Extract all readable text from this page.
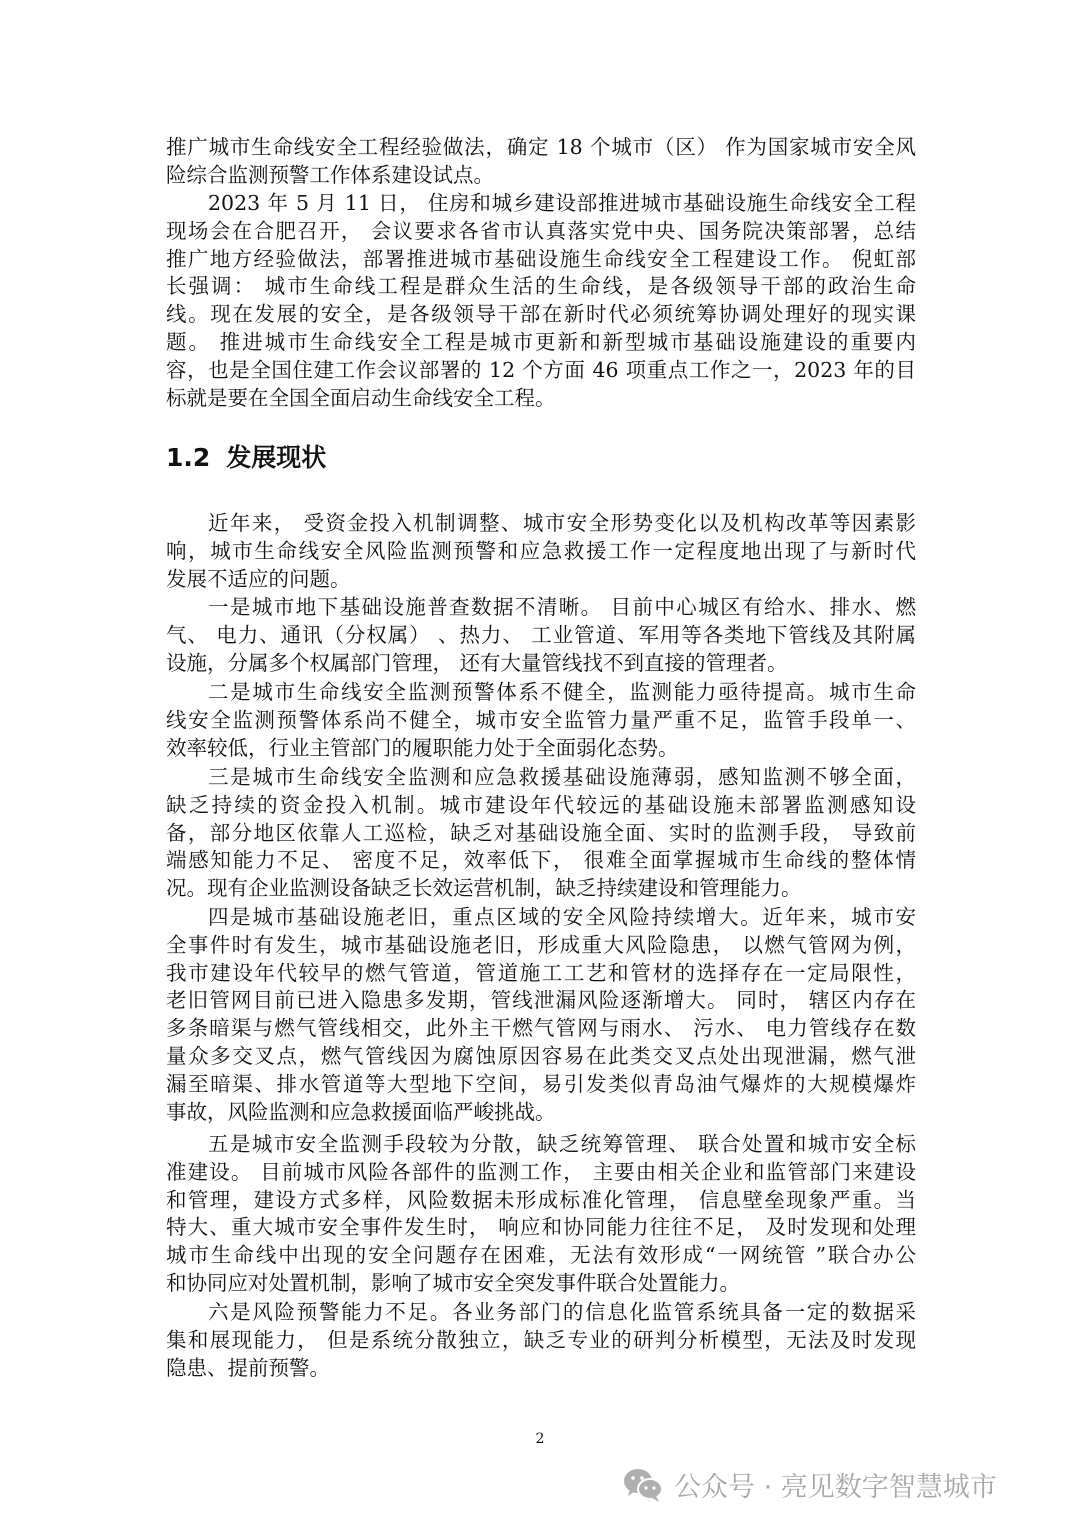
推广城市生命线安全工程经验做法，确定 18 个城市（区） 作为国家城市安全风
险综合监测预警工作体系建设试点。
2023 年 5 月 11 日， 住房和城乡建设部推进城市基础设施生命线安全工程
现场会在合肥召开， 会议要求各省市认真落实党中央、国务院决策部署，总结
推广地方经验做法，部署推进城市基础设施生命线安全工程建设工作。 倪虹部
长强调： 城市生命线工程是群众生活的生命线，是各级领导干部的政治生命
线。现在发展的安全，是各级领导干部在新时代必须统筹协调处理好的现实课
题。 推进城市生命线安全工程是城市更新和新型城市基础设施建设的重要内
容，也是全国住建工作会议部署的 12 个方面 46 项重点工作之一，2023 年的目
标就是要在全国全面启动生命线安全工程。
1.2 发展现状
近年来， 受资金投入机制调整、城市安全形势变化以及机构改革等因素影
响，城市生命线安全风险监测预警和应急救援工作一定程度地出现了与新时代
发展不适应的问题。
一是城市地下基础设施普查数据不清晰。 目前中心城区有给水、排水、燃
气、 电力、通讯（分权属） 、热力、 工业管道、军用等各类地下管线及其附属
设施，分属多个权属部门管理， 还有大量管线找不到直接的管理者。
二是城市生命线安全监测预警体系不健全，监测能力亟待提高。城市生命
线安全监测预警体系尚不健全，城市安全监管力量严重不足，监管手段单一、
效率较低，行业主管部门的履职能力处于全面弱化态势。
三是城市生命线安全监测和应急救援基础设施薄弱，感知监测不够全面，
缺乏持续的资金投入机制。城市建设年代较远的基础设施未部署监测感知设
备，部分地区依靠人工巡检，缺乏对基础设施全面、实时的监测手段， 导致前
端感知能力不足、 密度不足，效率低下， 很难全面掌握城市生命线的整体情
况。现有企业监测设备缺乏长效运营机制，缺乏持续建设和管理能力。
四是城市基础设施老旧，重点区域的安全风险持续增大。近年来，城市安
全事件时有发生，城市基础设施老旧，形成重大风险隐患， 以燃气管网为例，
我市建设年代较早的燃气管道，管道施工工艺和管材的选择存在一定局限性，
老旧管网目前已进入隐患多发期，管线泄漏风险逐渐增大。 同时， 辖区内存在
多条暗渠与燃气管线相交，此外主干燃气管网与雨水、 污水、 电力管线存在数
量众多交叉点，燃气管线因为腐蚀原因容易在此类交叉点处出现泄漏，燃气泄
漏至暗渠、排水管道等大型地下空间，易引发类似青岛油气爆炸的大规模爆炸
事故，风险监测和应急救援面临严峻挑战。
五是城市安全监测手段较为分散，缺乏统筹管理、 联合处置和城市安全标
准建设。 目前城市风险各部件的监测工作， 主要由相关企业和监管部门来建设
和管理，建设方式多样，风险数据未形成标准化管理， 信息壁垒现象严重。当
特大、重大城市安全事件发生时， 响应和协同能力往往不足， 及时发现和处理
城市生命线中出现的安全问题存在困难，无法有效形成“一网统管 ”联合办公
和协同应对处置机制，影响了城市安全突发事件联合处置能力。
六是风险预警能力不足。各业务部门的信息化监管系统具备一定的数据采
集和展现能力， 但是系统分散独立，缺乏专业的研判分析模型，无法及时发现
隐患、提前预警。
2
公众号 · 亮见数字智慧城市
